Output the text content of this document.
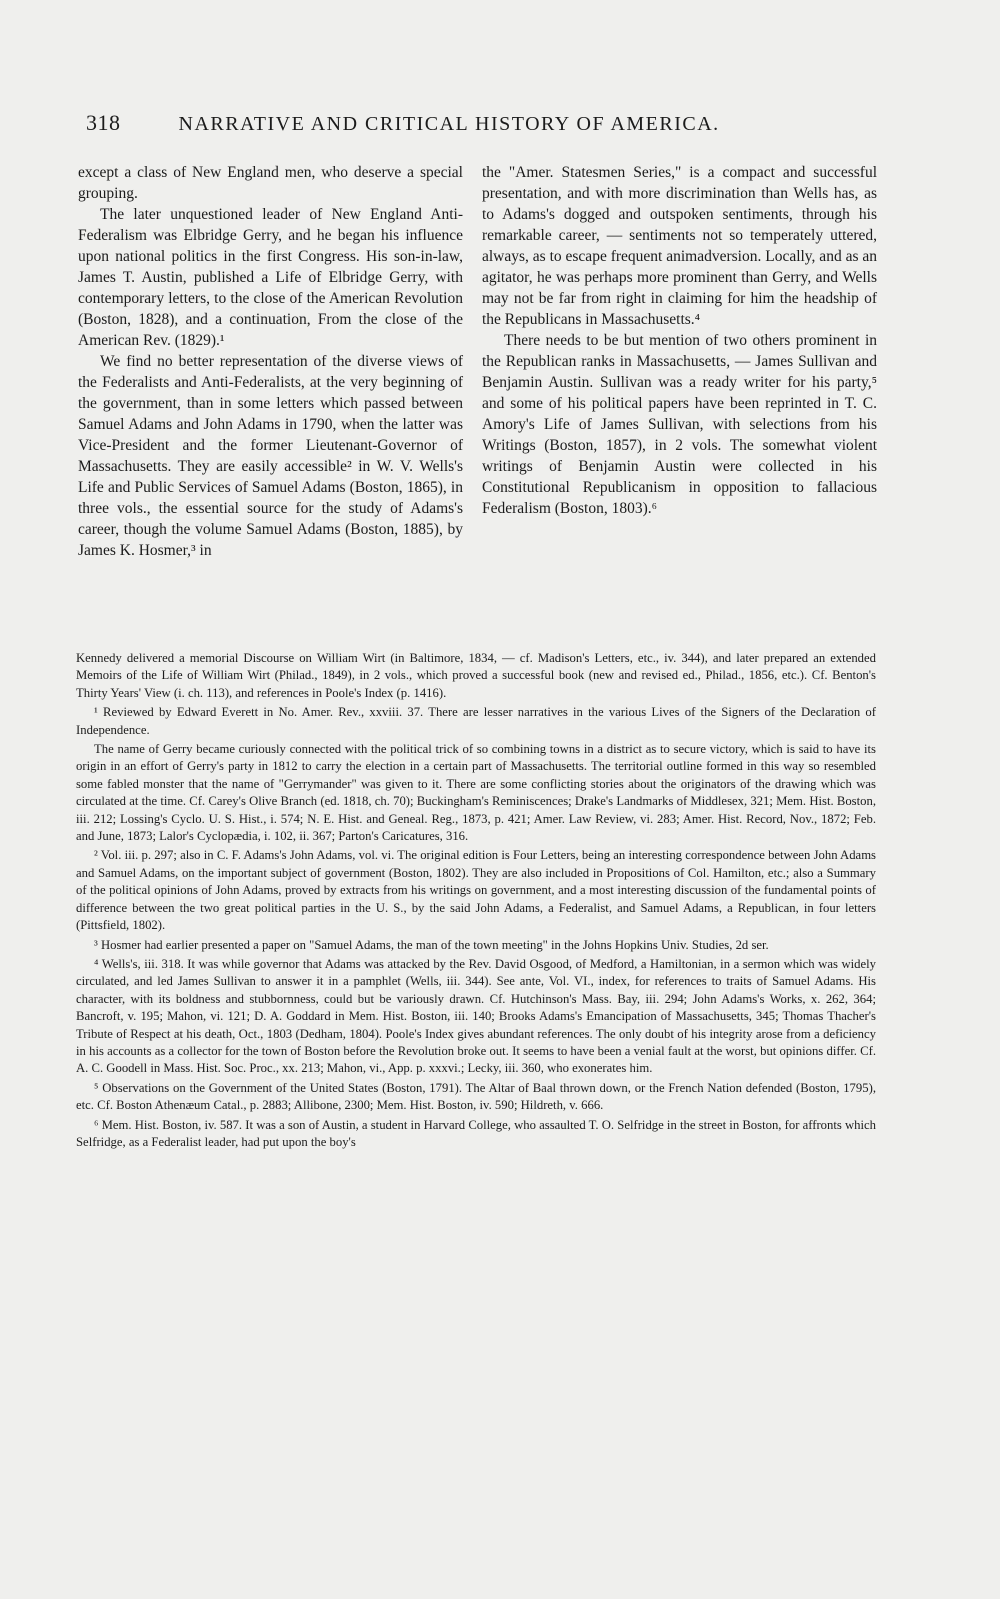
318	NARRATIVE AND CRITICAL HISTORY OF AMERICA.

except a class of New England men, who deserve a special grouping.

The later unquestioned leader of New England Anti-Federalism was Elbridge Gerry, and he began his influence upon national politics in the first Congress. His son-in-law, James T. Austin, published a Life of Elbridge Gerry, with contemporary letters, to the close of the American Revolution (Boston, 1828), and a continuation, From the close of the American Rev. (1829).¹

We find no better representation of the diverse views of the Federalists and Anti-Federalists, at the very beginning of the government, than in some letters which passed between Samuel Adams and John Adams in 1790, when the latter was Vice-President and the former Lieutenant-Governor of Massachusetts. They are easily accessible² in W. V. Wells's Life and Public Services of Samuel Adams (Boston, 1865), in three vols., the essential source for the study of Adams's career, though the volume Samuel Adams (Boston, 1885), by James K. Hosmer,³ in

the "Amer. Statesmen Series," is a compact and successful presentation, and with more discrimination than Wells has, as to Adams's dogged and outspoken sentiments, through his remarkable career, — sentiments not so temperately uttered, always, as to escape frequent animadversion. Locally, and as an agitator, he was perhaps more prominent than Gerry, and Wells may not be far from right in claiming for him the headship of the Republicans in Massachusetts.⁴

There needs to be but mention of two others prominent in the Republican ranks in Massachusetts, — James Sullivan and Benjamin Austin. Sullivan was a ready writer for his party,⁵ and some of his political papers have been reprinted in T. C. Amory's Life of James Sullivan, with selections from his Writings (Boston, 1857), in 2 vols. The somewhat violent writings of Benjamin Austin were collected in his Constitutional Republicanism in opposition to fallacious Federalism (Boston, 1803).⁶

Kennedy delivered a memorial Discourse on William Wirt (in Baltimore, 1834, — cf. Madison's Letters, etc., iv. 344), and later prepared an extended Memoirs of the Life of William Wirt (Philad., 1849), in 2 vols., which proved a successful book (new and revised ed., Philad., 1856, etc.). Cf. Benton's Thirty Years' View (i. ch. 113), and references in Poole's Index (p. 1416).

¹ Reviewed by Edward Everett in No. Amer. Rev., xxviii. 37. There are lesser narratives in the various Lives of the Signers of the Declaration of Independence.

The name of Gerry became curiously connected with the political trick of so combining towns in a district as to secure victory, which is said to have its origin in an effort of Gerry's party in 1812 to carry the election in a certain part of Massachusetts. The territorial outline formed in this way so resembled some fabled monster that the name of "Gerrymander" was given to it. There are some conflicting stories about the originators of the drawing which was circulated at the time. Cf. Carey's Olive Branch (ed. 1818, ch. 70); Buckingham's Reminiscences; Drake's Landmarks of Middlesex, 321; Mem. Hist. Boston, iii. 212; Lossing's Cyclo. U. S. Hist., i. 574; N. E. Hist. and Geneal. Reg., 1873, p. 421; Amer. Law Review, vi. 283; Amer. Hist. Record, Nov., 1872; Feb. and June, 1873; Lalor's Cyclopædia, i. 102, ii. 367; Parton's Caricatures, 316.

² Vol. iii. p. 297; also in C. F. Adams's John Adams, vol. vi. The original edition is Four Letters, being an interesting correspondence between John Adams and Samuel Adams, on the important subject of government (Boston, 1802). They are also included in Propositions of Col. Hamilton, etc.; also a Summary of the political opinions of John Adams, proved by extracts from his writings on government, and a most interesting discussion of the fundamental points of difference between the two great political parties in the U. S., by the said John Adams, a Federalist, and Samuel Adams, a Republican, in four letters (Pittsfield, 1802).

³ Hosmer had earlier presented a paper on "Samuel Adams, the man of the town meeting" in the Johns Hopkins Univ. Studies, 2d ser.

⁴ Wells's, iii. 318. It was while governor that Adams was attacked by the Rev. David Osgood, of Medford, a Hamiltonian, in a sermon which was widely circulated, and led James Sullivan to answer it in a pamphlet (Wells, iii. 344). See ante, Vol. VI., index, for references to traits of Samuel Adams. His character, with its boldness and stubbornness, could but be variously drawn. Cf. Hutchinson's Mass. Bay, iii. 294; John Adams's Works, x. 262, 364; Bancroft, v. 195; Mahon, vi. 121; D. A. Goddard in Mem. Hist. Boston, iii. 140; Brooks Adams's Emancipation of Massachusetts, 345; Thomas Thacher's Tribute of Respect at his death, Oct., 1803 (Dedham, 1804). Poole's Index gives abundant references. The only doubt of his integrity arose from a deficiency in his accounts as a collector for the town of Boston before the Revolution broke out. It seems to have been a venial fault at the worst, but opinions differ. Cf. A. C. Goodell in Mass. Hist. Soc. Proc., xx. 213; Mahon, vi., App. p. xxxvi.; Lecky, iii. 360, who exonerates him.

⁵ Observations on the Government of the United States (Boston, 1791). The Altar of Baal thrown down, or the French Nation defended (Boston, 1795), etc. Cf. Boston Athenæum Catal., p. 2883; Allibone, 2300; Mem. Hist. Boston, iv. 590; Hildreth, v. 666.

⁶ Mem. Hist. Boston, iv. 587. It was a son of Austin, a student in Harvard College, who assaulted T. O. Selfridge in the street in Boston, for affronts which Selfridge, as a Federalist leader, had put upon the boy's
